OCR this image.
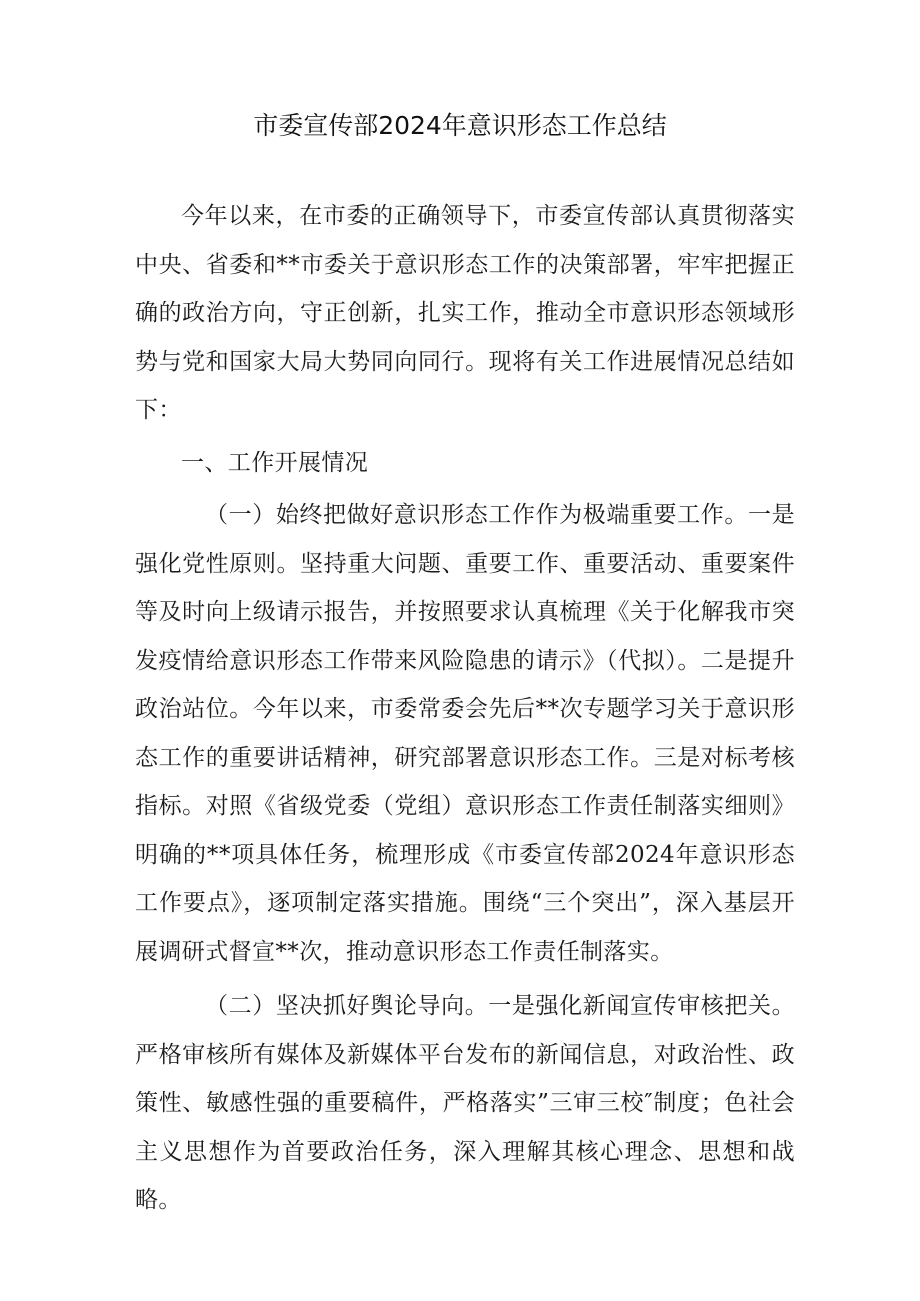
市委宣传部2024年意识形态工作总结

今年以来，在市委的正确领导下，市委宣传部认真贯彻落实中央、省委和**市委关于意识形态工作的决策部署，牢牢把握正确的政治方向，守正创新，扎实工作，推动全市意识形态领域形势与党和国家大局大势同向同行。现将有关工作进展情况总结如下：

一、工作开展情况

（一）始终把做好意识形态工作作为极端重要工作。一是强化党性原则。坚持重大问题、重要工作、重要活动、重要案件等及时向上级请示报告，并按照要求认真梳理《关于化解我市突发疫情给意识形态工作带来风险隐患的请示》（代拟）。二是提升政治站位。今年以来，市委常委会先后**次专题学习关于意识形态工作的重要讲话精神，研究部署意识形态工作。三是对标考核指标。对照《省级党委（党组）意识形态工作责任制落实细则》明确的**项具体任务，梳理形成《市委宣传部2024年意识形态工作要点》，逐项制定落实措施。围绕“三个突出”，深入基层开展调研式督宣**次，推动意识形态工作责任制落实。

（二）坚决抓好舆论导向。一是强化新闻宣传审核把关。严格审核所有媒体及新媒体平台发布的新闻信息，对政治性、政策性、敏感性强的重要稿件，严格落实”三审三校″制度；色社会主义思想作为首要政治任务，深入理解其核心理念、思想和战略。
